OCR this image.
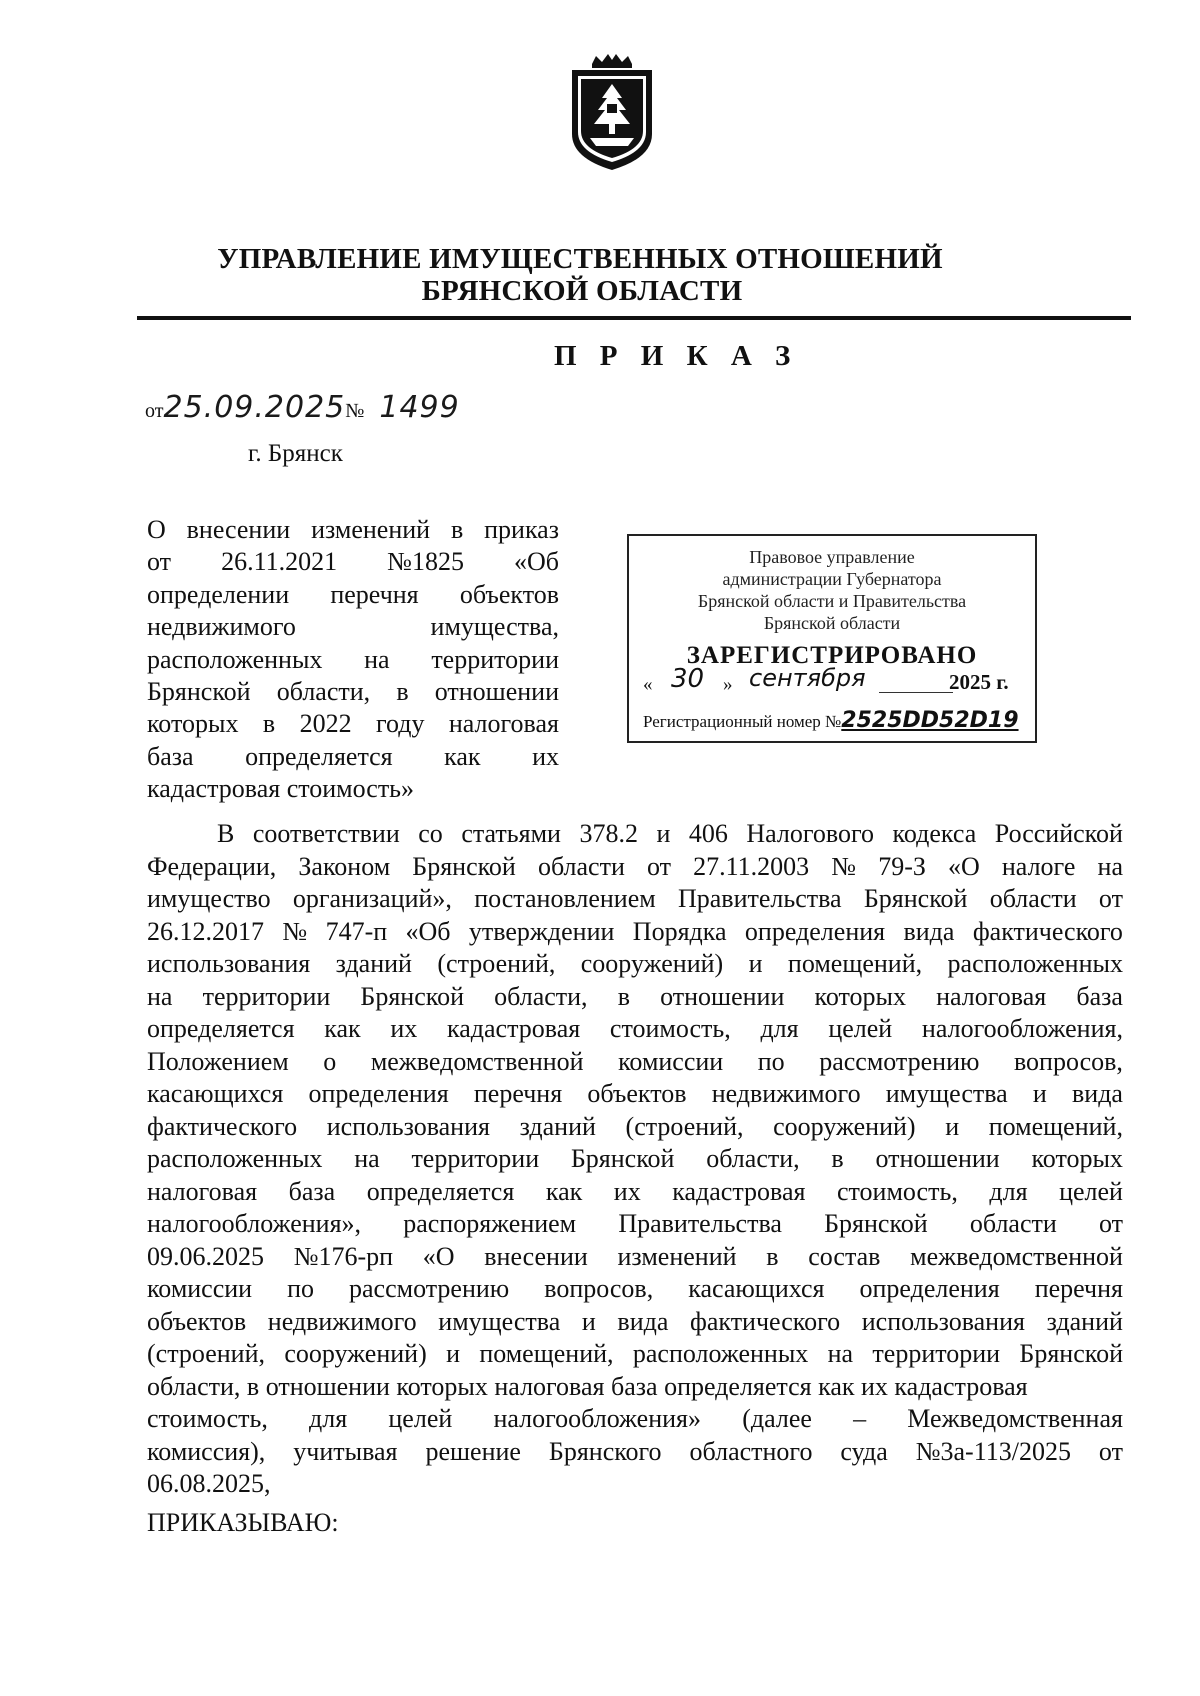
УПРАВЛЕНИЕ ИМУЩЕСТВЕННЫХ ОТНОШЕНИЙ
БРЯНСКОЙ ОБЛАСТИ
П Р И К А З
от25.09.2025№ 1499
г. Брянск
О внесении изменений в приказ
от 26.11.2021 №1825 «Об
определении перечня объектов
недвижимого	имущества,
расположенных на территории
Брянской области, в отношении
которых в 2022 году налоговая
база определяется как их
кадастровая стоимость»
Правовое управление
администрации Губернатора
Брянской области и Правительства
Брянской области
ЗАРЕГИСТРИРОВАНО
« 30 » сентября	2025 г.
Регистрационный номер №2525DD52D19
В соответствии со статьями 378.2 и 406 Налогового кодекса Российской
Федерации, Законом Брянской области от 27.11.2003 № 79-З «О налоге на
имущество организаций», постановлением Правительства Брянской области от
26.12.2017 № 747-п «Об утверждении Порядка определения вида фактического
использования зданий (строений, сооружений) и помещений, расположенных
на территории Брянской области, в отношении которых налоговая база
определяется как их кадастровая стоимость, для целей налогообложения,
Положением о межведомственной комиссии по рассмотрению вопросов,
касающихся определения перечня объектов недвижимого имущества и вида
фактического использования зданий (строений, сооружений) и помещений,
расположенных на территории Брянской области, в отношении которых
налоговая база определяется как их кадастровая стоимость, для целей
налогообложения», распоряжением Правительства Брянской области от
09.06.2025 №176-рп «О внесении изменений в состав межведомственной
комиссии по рассмотрению вопросов, касающихся определения перечня
объектов недвижимого имущества и вида фактического использования зданий
(строений, сооружений) и помещений, расположенных на территории Брянской
области, в отношении которых налоговая база определяется как их кадастровая
стоимость, для целей налогообложения» (далее – Межведомственная
комиссия), учитывая решение Брянского областного суда №3а-113/2025 от
06.08.2025,
ПРИКАЗЫВАЮ:
